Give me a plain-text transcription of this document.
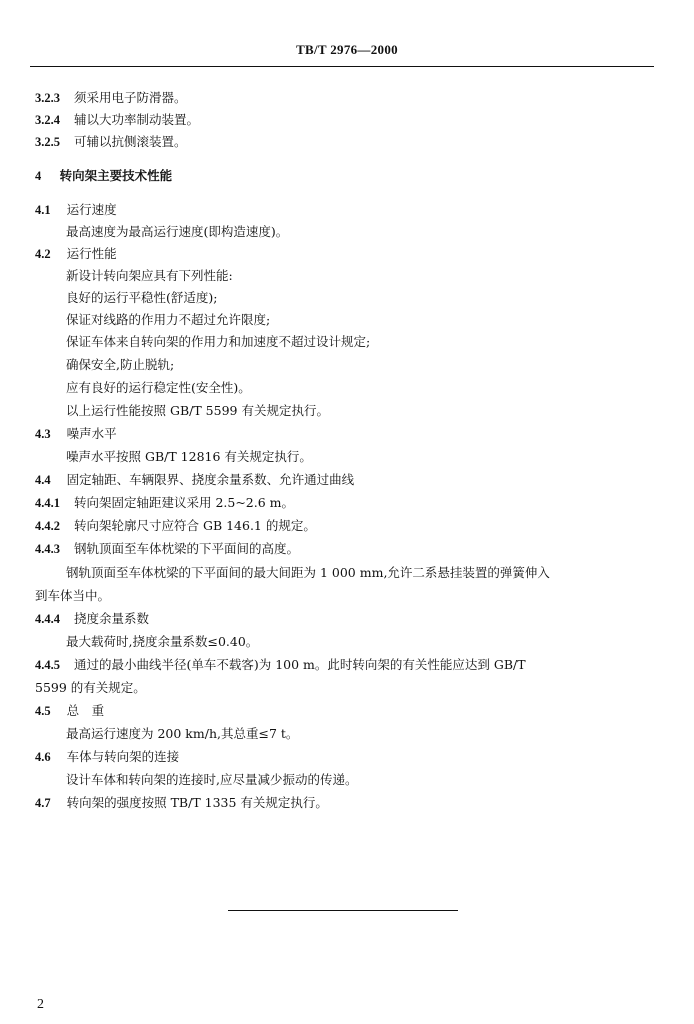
TB/T 2976—2000
3.2.3 须采用电子防滑器。
3.2.4 辅以大功率制动装置。
3.2.5 可辅以抗侧滚装置。
4 转向架主要技术性能
4.1 运行速度
最高速度为最高运行速度(即构造速度)。
4.2 运行性能
新设计转向架应具有下列性能:
良好的运行平稳性(舒适度);
保证对线路的作用力不超过允许限度;
保证车体来自转向架的作用力和加速度不超过设计规定;
确保安全,防止脱轨;
应有良好的运行稳定性(安全性)。
以上运行性能按照 GB/T 5599 有关规定执行。
4.3 噪声水平
噪声水平按照 GB/T 12816 有关规定执行。
4.4 固定轴距、车辆限界、挠度余量系数、允许通过曲线
4.4.1 转向架固定轴距建议采用 2.5~2.6 m。
4.4.2 转向架轮廓尺寸应符合 GB 146.1 的规定。
4.4.3 钢轨顶面至车体枕梁的下平面间的高度。
钢轨顶面至车体枕梁的下平面间的最大间距为 1 000 mm,允许二系悬挂装置的弹簧伸入
到车体当中。
4.4.4 挠度余量系数
最大载荷时,挠度余量系数≤0.40。
4.4.5 通过的最小曲线半径(单车不载客)为 100 m。此时转向架的有关性能应达到 GB/T
5599 的有关规定。
4.5 总　重
最高运行速度为 200 km/h,其总重≤7 t。
4.6 车体与转向架的连接
设计车体和转向架的连接时,应尽量减少振动的传递。
4.7 转向架的强度按照 TB/T 1335 有关规定执行。
2
